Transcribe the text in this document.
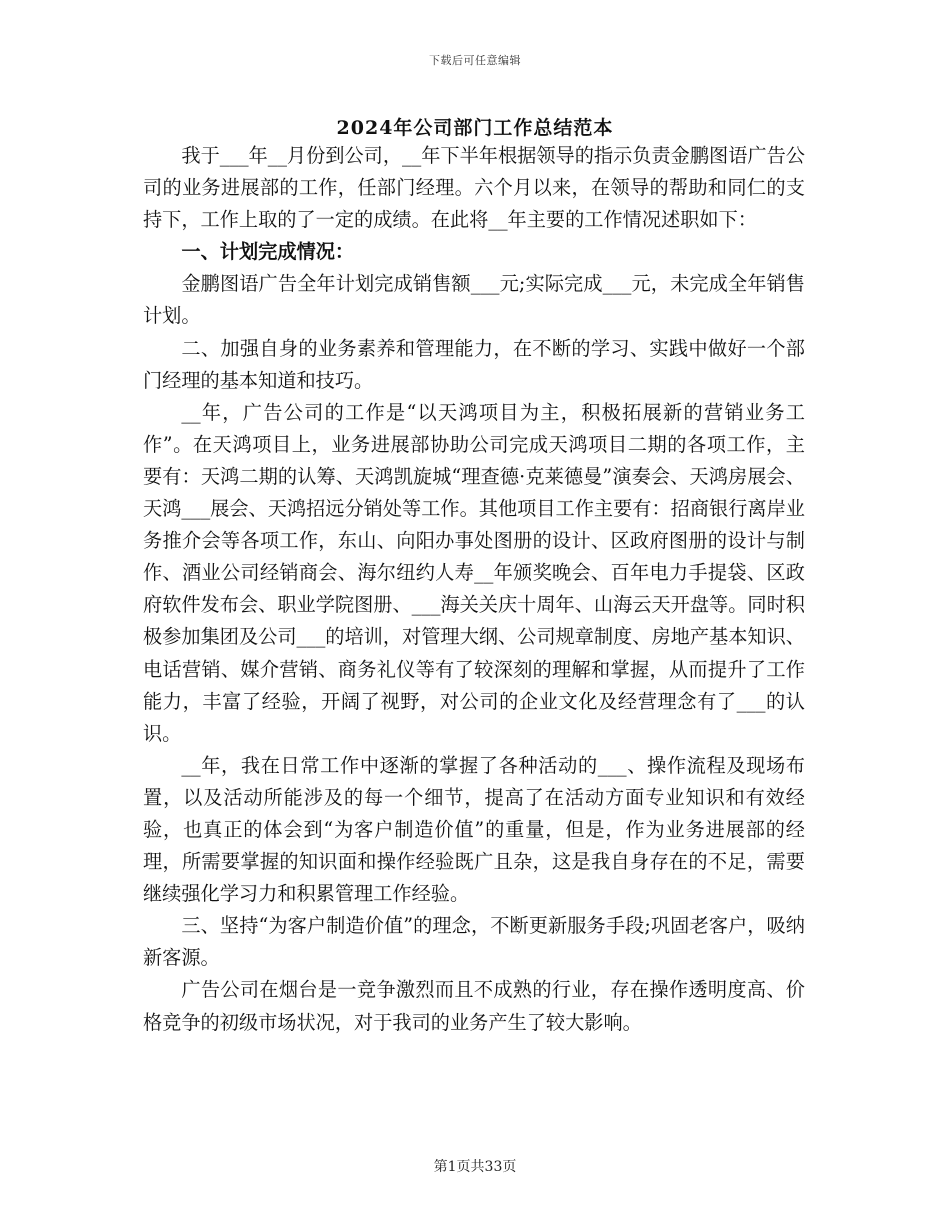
下载后可任意编辑
2024年公司部门工作总结范本

我于___年__月份到公司，__年下半年根据领导的指示负责金鹏图语广告公司的业务进展部的工作，任部门经理。六个月以来，在领导的帮助和同仁的支持下，工作上取的了一定的成绩。在此将__年主要的工作情况述职如下：

一、计划完成情况：

金鹏图语广告全年计划完成销售额___元;实际完成___元，未完成全年销售计划。

二、加强自身的业务素养和管理能力，在不断的学习、实践中做好一个部门经理的基本知道和技巧。

__年，广告公司的工作是“以天鸿项目为主，积极拓展新的营销业务工作”。在天鸿项目上，业务进展部协助公司完成天鸿项目二期的各项工作，主要有：天鸿二期的认筹、天鸿凯旋城“理查德·克莱德曼”演奏会、天鸿房展会、天鸿___展会、天鸿招远分销处等工作。其他项目工作主要有：招商银行离岸业务推介会等各项工作，东山、向阳办事处图册的设计、区政府图册的设计与制作、酒业公司经销商会、海尔纽约人寿__年颁奖晚会、百年电力手提袋、区政府软件发布会、职业学院图册、___海关关庆十周年、山海云天开盘等。同时积极参加集团及公司___的培训，对管理大纲、公司规章制度、房地产基本知识、电话营销、媒介营销、商务礼仪等有了较深刻的理解和掌握，从而提升了工作能力，丰富了经验，开阔了视野，对公司的企业文化及经营理念有了___的认识。

__年，我在日常工作中逐渐的掌握了各种活动的___、操作流程及现场布置，以及活动所能涉及的每一个细节，提高了在活动方面专业知识和有效经验，也真正的体会到“为客户制造价值”的重量，但是，作为业务进展部的经理，所需要掌握的知识面和操作经验既广且杂，这是我自身存在的不足，需要继续强化学习力和积累管理工作经验。

三、坚持“为客户制造价值”的理念，不断更新服务手段;巩固老客户，吸纳新客源。

广告公司在烟台是一竞争激烈而且不成熟的行业，存在操作透明度高、价格竞争的初级市场状况，对于我司的业务产生了较大影响。

第1页共33页
